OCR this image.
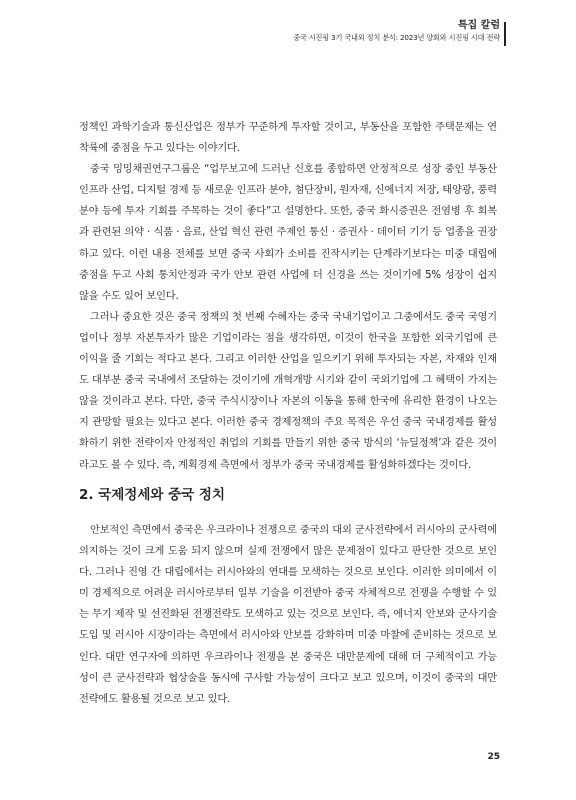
특집 칼럼
중국 시진핑 3기 국내외 정치 분석: 2023년 양회와 시진핑 시대 전략

정책인 과학기술과 통신산업은 정부가 꾸준하게 투자할 것이고, 부동산을 포함한 주택문제는 연착륙에 중점을 두고 있다는 이야기다.

중국 밍밍채권연구그룹은 “업무보고에 드러난 신호를 종합하면 안정적으로 성장 중인 부동산 인프라 산업, 디지털 경제 등 새로운 인프라 분야, 첨단장비, 원자재, 신에너지 저장, 태양광, 풍력 분야 등에 투자 기회를 주목하는 것이 좋다”고 설명한다. 또한, 중국 화시증권은 전염병 후 회복과 관련된 의약 · 식품 · 음료, 산업 혁신 관련 주제인 통신 · 증권사 · 데이터 기기 등 업종을 권장하고 있다. 이런 내용 전체를 보면 중국 사회가 소비를 진작시키는 단계라기보다는 미중 대립에 중점을 두고 사회 통치안정과 국가 안보 관련 사업에 더 신경을 쓰는 것이기에 5% 성장이 쉽지 않을 수도 있어 보인다.

그러나 중요한 것은 중국 정책의 첫 번째 수혜자는 중국 국내기업이고 그중에서도 중국 국영기업이나 정부 자본투자가 많은 기업이라는 점을 생각하면, 이것이 한국을 포함한 외국기업에 큰 이익을 줄 기회는 적다고 본다. 그리고 이러한 산업을 일으키기 위해 투자되는 자본, 자재와 인재도 대부분 중국 국내에서 조달하는 것이기에 개혁개방 시기와 같이 국외기업에 그 혜택이 가지는 않을 것이라고 본다. 다만, 중국 주식시장이나 자본의 이동을 통해 한국에 유리한 환경이 나오는지 관망할 필요는 있다고 본다. 이러한 중국 경제정책의 주요 목적은 우선 중국 국내경제를 활성화하기 위한 전략이자 안정적인 취업의 기회를 만들기 위한 중국 방식의 ‘뉴딜정책’과 같은 것이라고도 볼 수 있다. 즉, 계획경제 측면에서 정부가 중국 국내경제를 활성화하겠다는 것이다.

2. 국제정세와 중국 정치

안보적인 측면에서 중국은 우크라이나 전쟁으로 중국의 대외 군사전략에서 러시아의 군사력에 의지하는 것이 크게 도움 되지 않으며 실제 전쟁에서 많은 문제점이 있다고 판단한 것으로 보인다. 그러나 진영 간 대립에서는 러시아와의 연대를 모색하는 것으로 보인다. 이러한 의미에서 이미 경제적으로 어려운 러시아로부터 일부 기술을 이전받아 중국 자체적으로 전쟁을 수행할 수 있는 무기 제작 및 선진화된 전쟁전략도 모색하고 있는 것으로 보인다. 즉, 에너지 안보와 군사기술 도입 및 러시아 시장이라는 측면에서 러시아와 안보를 강화하며 미중 마찰에 준비하는 것으로 보인다. 대만 연구자에 의하면 우크라이나 전쟁을 본 중국은 대만문제에 대해 더 구체적이고 가능성이 큰 군사전략과 협상술을 동시에 구사할 가능성이 크다고 보고 있으며, 이것이 중국의 대만전략에도 활용될 것으로 보고 있다.

25
